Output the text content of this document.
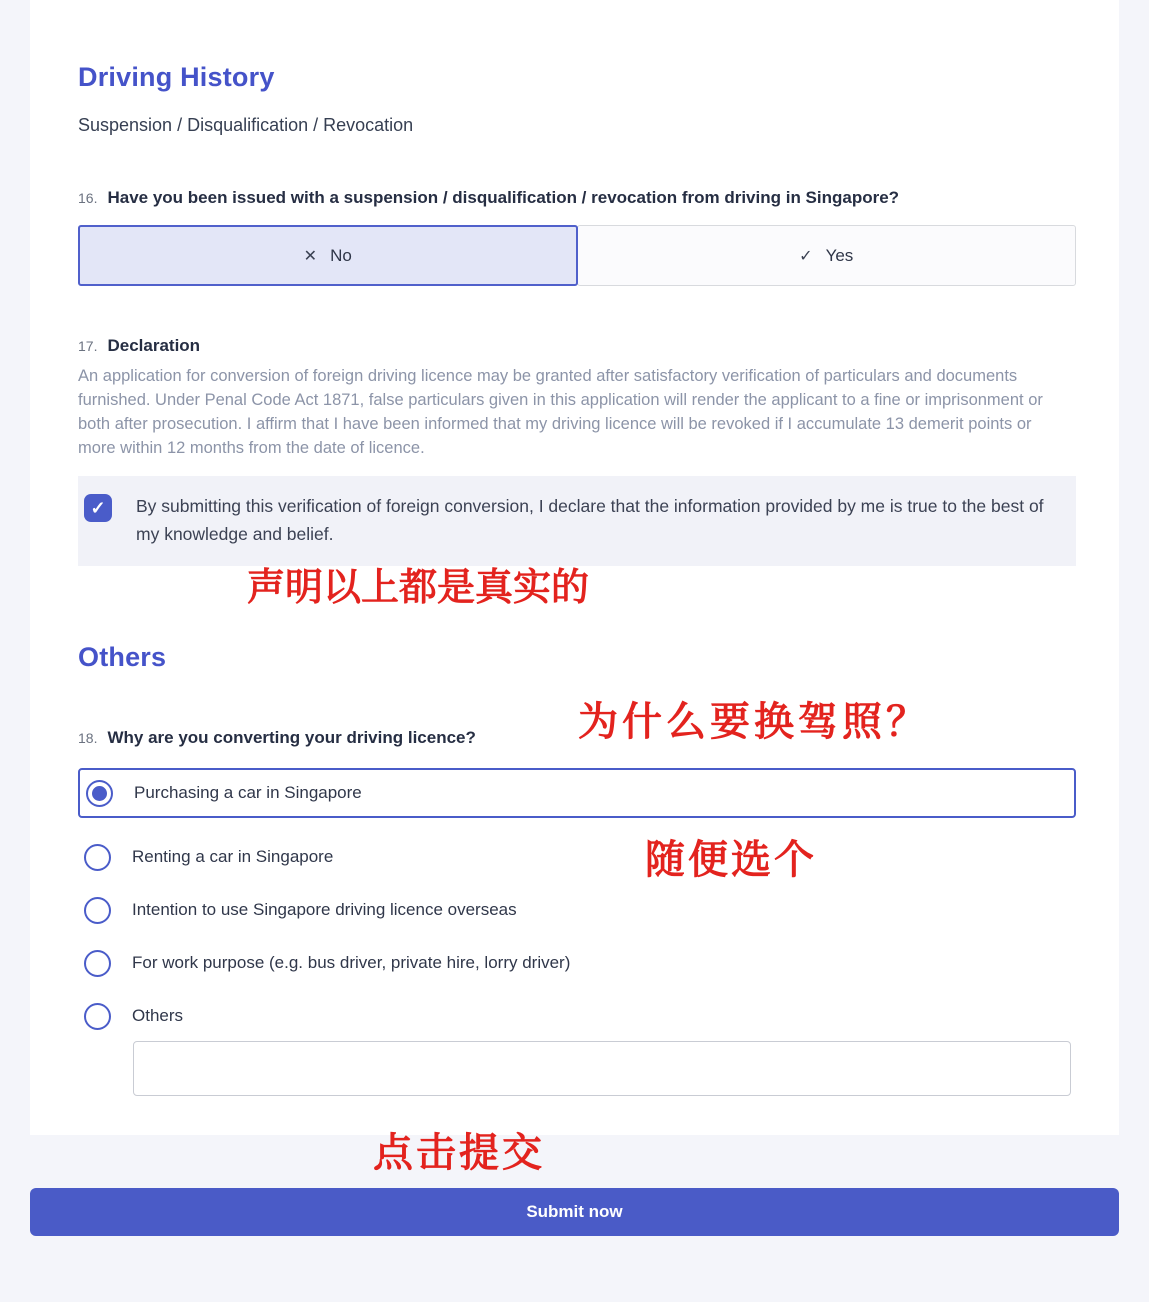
Driving History
Suspension / Disqualification / Revocation
16. Have you been issued with a suspension / disqualification / revocation from driving in Singapore?
✕ No	✓ Yes
17. Declaration

An application for conversion of foreign driving licence may be granted after satisfactory verification of particulars and documents furnished. Under Penal Code Act 1871, false particulars given in this application will render the applicant to a fine or imprisonment or both after prosecution. I affirm that I have been informed that my driving licence will be revoked if I accumulate 13 demerit points or more within 12 months from the date of licence.

✓ By submitting this verification of foreign conversion, I declare that the information provided by me is true to the best of my knowledge and belief.
Others
18. Why are you converting your driving licence?
Purchasing a car in Singapore
Renting a car in Singapore
Intention to use Singapore driving licence overseas
For work purpose (e.g. bus driver, private hire, lorry driver)
Others
声明以上都是真实的
为什么要换驾照？
随便选个
点击提交
Submit now
